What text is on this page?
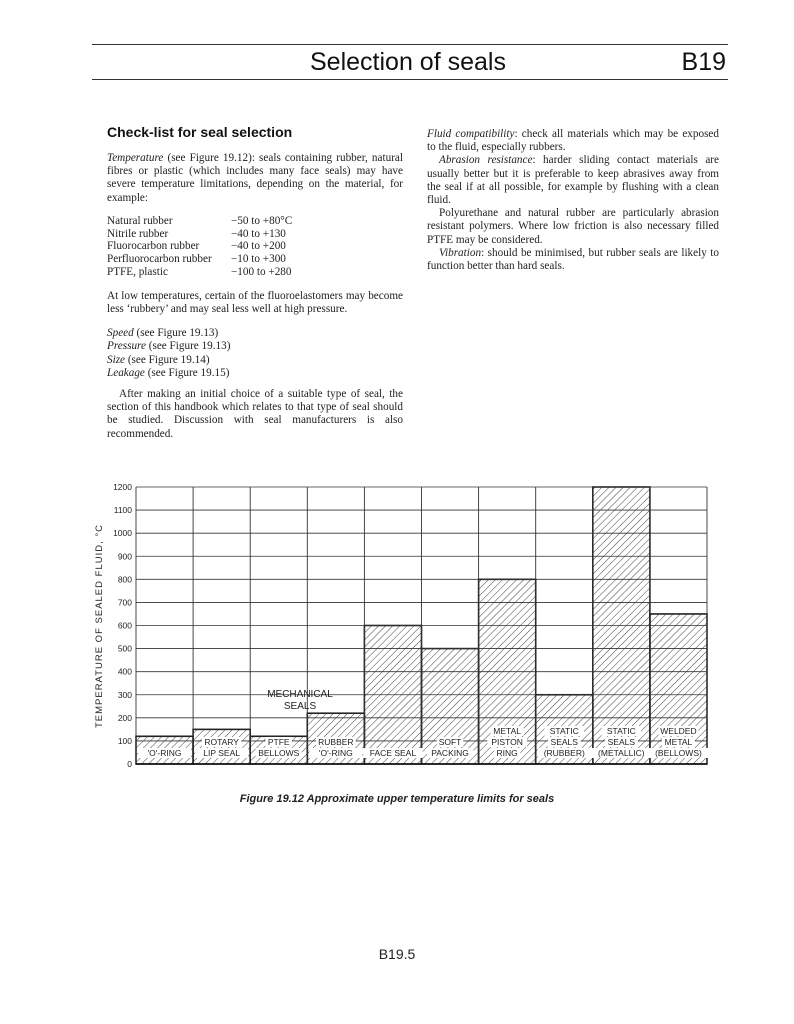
Selection of seals	B19
Check-list for seal selection

Temperature (see Figure 19.12): seals containing rubber, natural fibres or plastic (which includes many face seals) may have severe temperature limitations, depending on the material, for example:

Natural rubber	−50 to +80°C
Nitrile rubber	−40 to +130
Fluorocarbon rubber	−40 to +200
Perfluorocarbon rubber	−10 to +300
PTFE, plastic	−100 to +280

At low temperatures, certain of the fluoroelastomers may become less ‘rubbery’ and may seal less well at high pressure.

Speed (see Figure 19.13)
Pressure (see Figure 19.13)
Size (see Figure 19.14)
Leakage (see Figure 19.15)

After making an initial choice of a suitable type of seal, the section of this handbook which relates to that type of seal should be studied. Discussion with seal manufacturers is also recommended.

Fluid compatibility: check all materials which may be exposed to the fluid, especially rubbers.

Abrasion resistance: harder sliding contact materials are usually better but it is preferable to keep abrasives away from the seal if at all possible, for example by flushing with a clean fluid.

Polyurethane and natural rubber are particularly abrasion resistant polymers. Where low friction is also necessary filled PTFE may be considered.

Vibration: should be minimised, but rubber seals are likely to function better than hard seals.

0
100
200
300
400
500
600
700
800
900
1000
1100
1200
'O'-RING
ROTARY
LIP SEAL
PTFE
BELLOWS
RUBBER
'O'-RING FACE SEAL
SOFT
PACKING
METAL
PISTON
RING
STATIC
SEALS
(RUBBER)
STATIC
SEALS
(METALLIC)
WELDED
METAL
(BELLOWS)
TEMPERATURE OF SEALED FLUID, °C	MECHANICAL
SEALS
Figure 19.12 Approximate upper temperature limits for seals
B19.5
